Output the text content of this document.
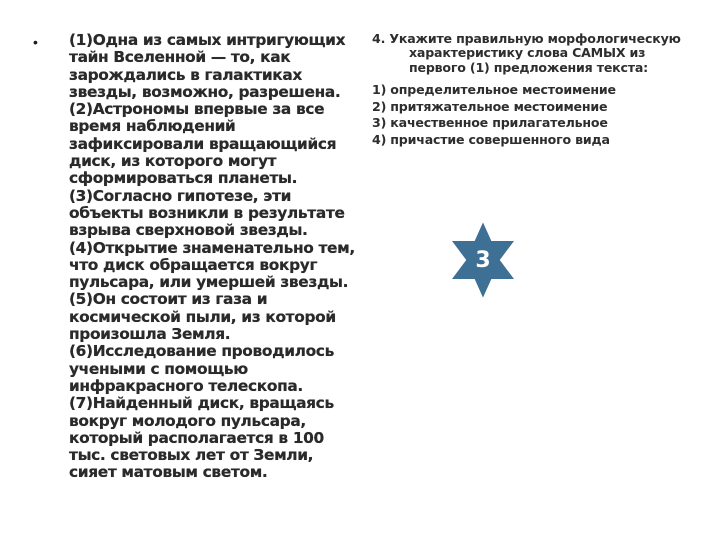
• (1)Одна из самых интригующих тайн Вселенной — то, как зарождались в галактиках звезды, возможно, разрешена. (2)Астрономы впервые за все время наблюдений зафиксировали вращающийся диск, из которого могут сформироваться планеты. (3)Согласно гипотезе, эти объекты возникли в результате взрыва сверхновой звезды. (4)Открытие знаменательно тем, что диск обращается вокруг пульсара, или умершей звезды. (5)Он состоит из газа и космической пыли, из которой произошла Земля. (6)Исследование проводилось учеными с помощью инфракрасного телескопа. (7)Найденный диск, вращаясь вокруг молодого пульсара, который располагается в 100 тыс. световых лет от Земли, сияет матовым светом.
4. Укажите правильную морфологическую
характеристику слова САМЫХ из
первого (1) предложения текста:
1) определительное местоимение
2) притяжательное местоимение
3) качественное прилагательное
4) причастие совершенного вида
3
